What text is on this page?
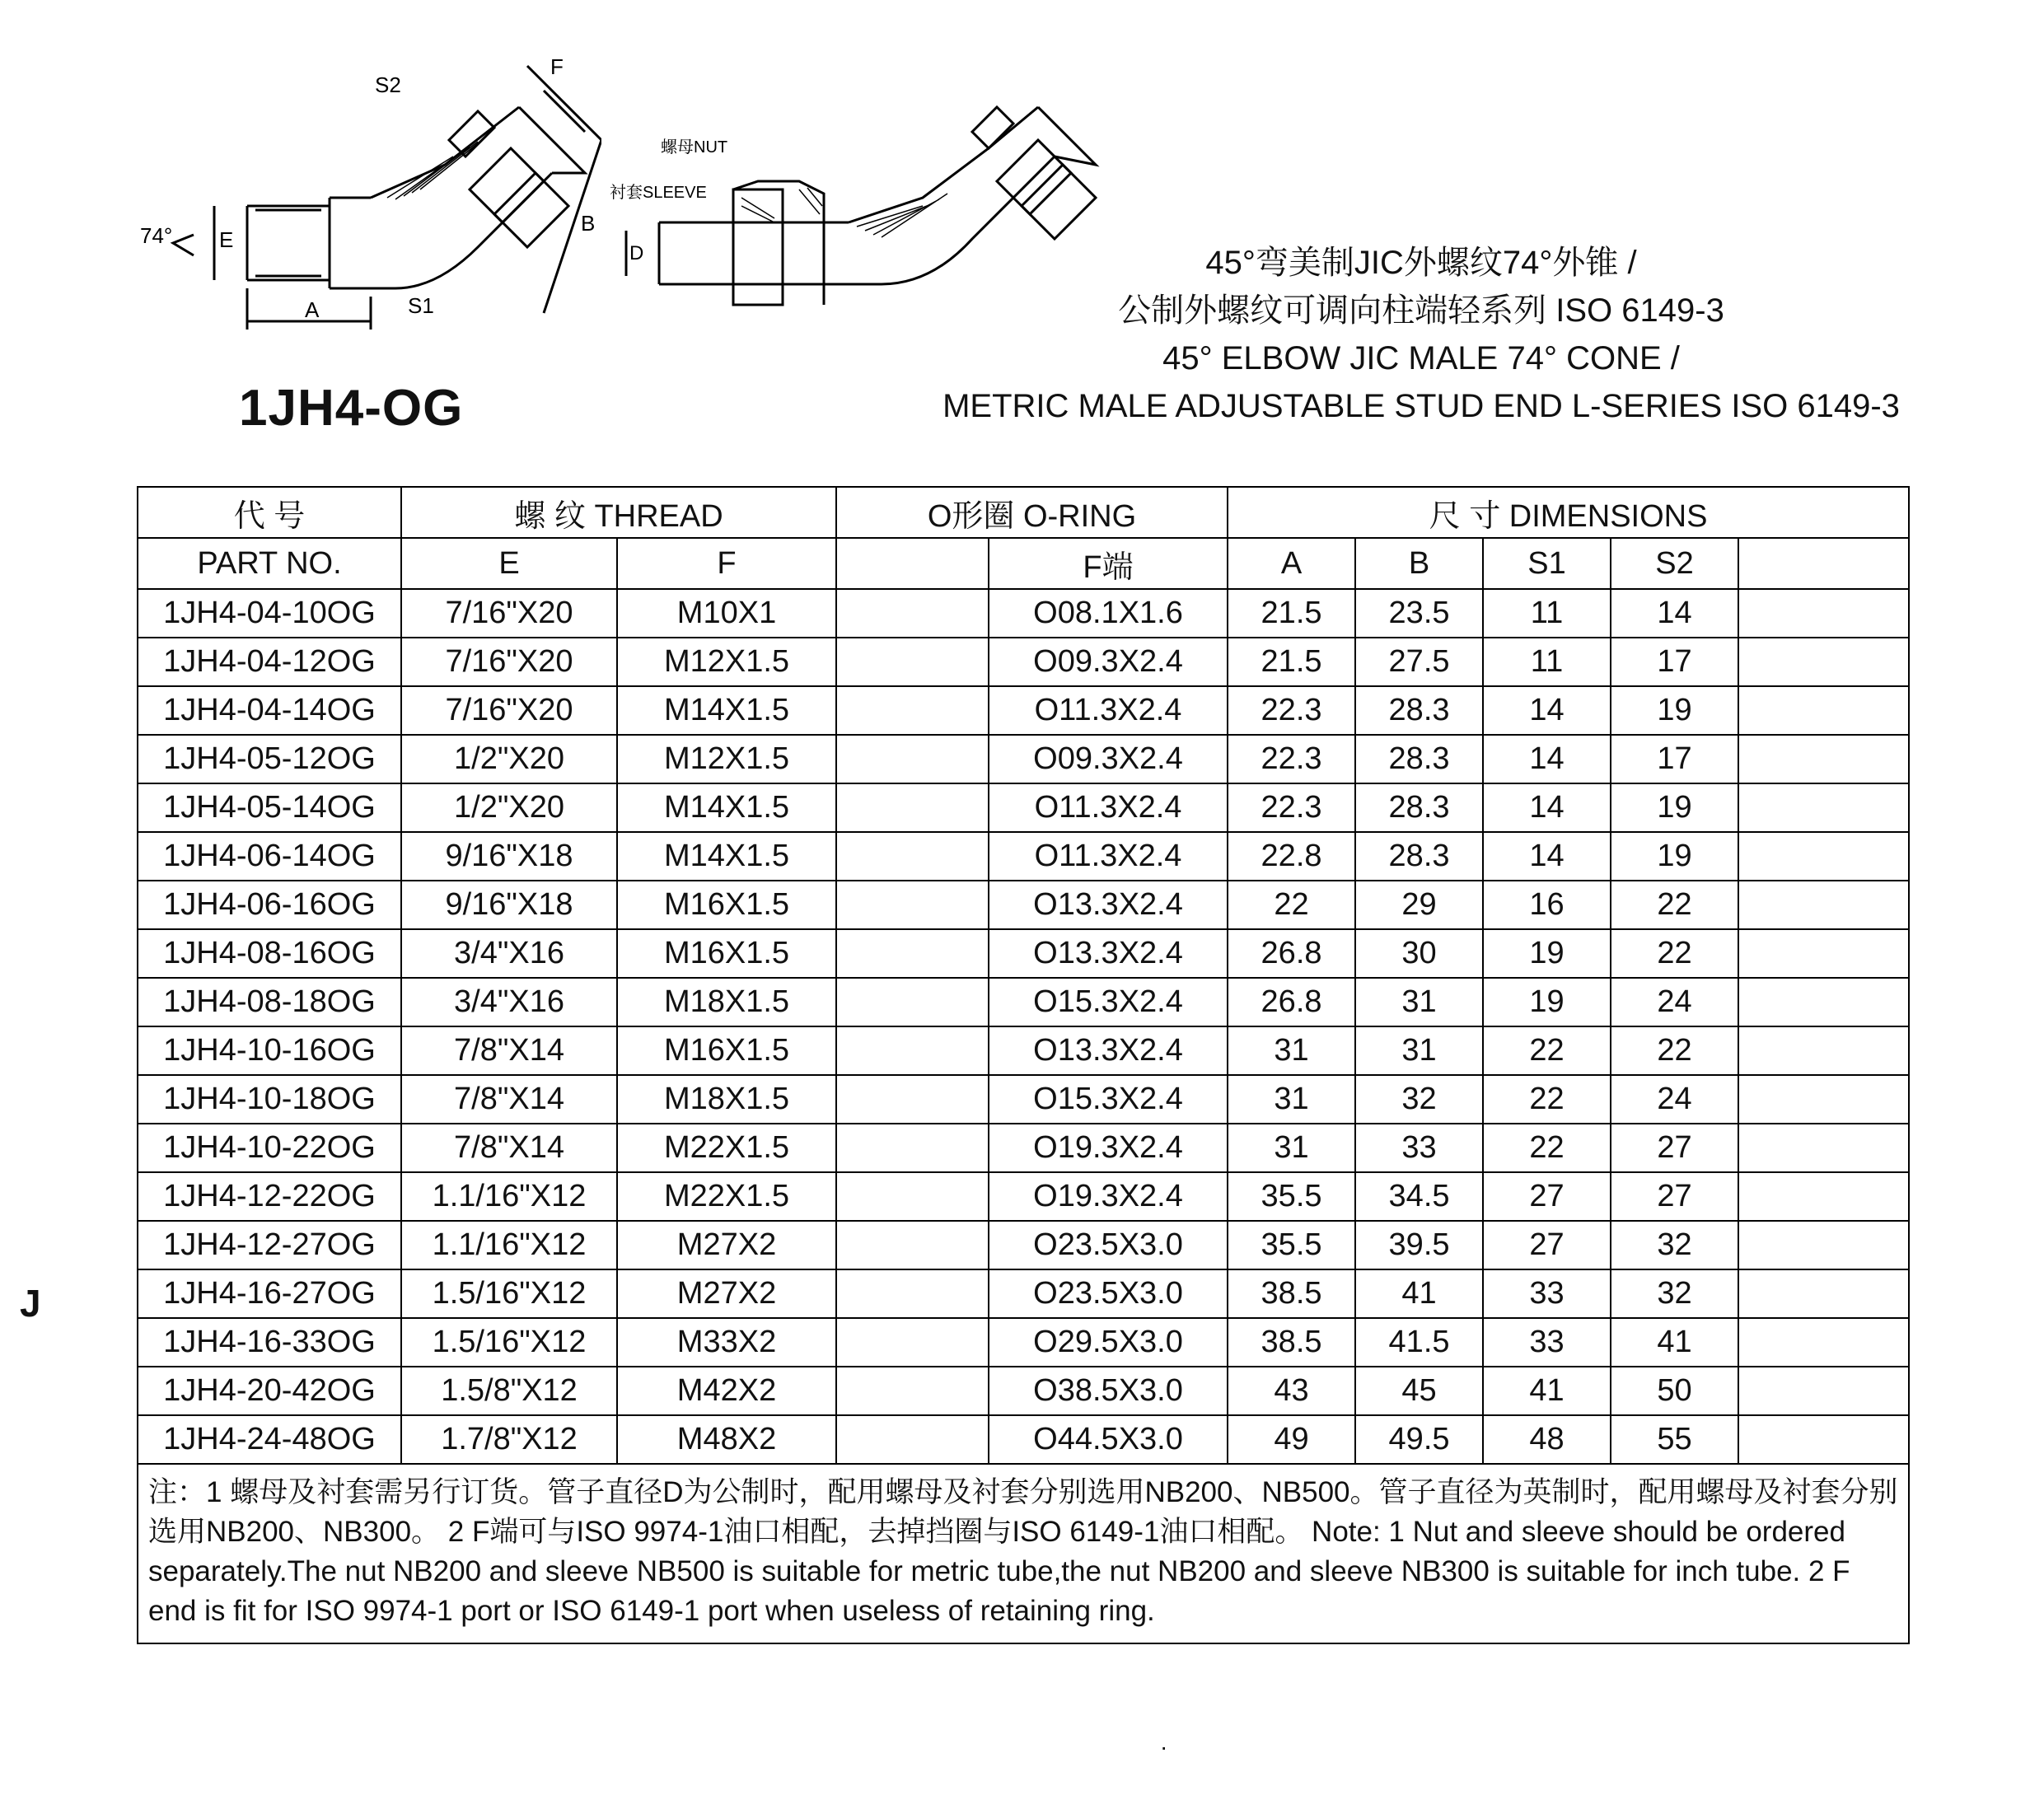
S2
F
74° E
A	S1
B
螺母NUT
衬套SLEEVE
D
1JH4-OG
45°弯美制JIC外螺纹74°外锥 /
公制外螺纹可调向柱端轻系列 ISO 6149-3
45° ELBOW JIC MALE 74° CONE /
METRIC MALE ADJUSTABLE STUD END L-SERIES ISO 6149-3
J
·
代 号	螺 纹 THREAD		O形圈 O-RING		尺 寸 DIMENSIONS				
PART NO.	E	F		F端	A	B	S1	S2	
1JH4-04-10OG	7/16"X20	M10X1		O08.1X1.6	21.5	23.5	11	14	
1JH4-04-12OG	7/16"X20	M12X1.5		O09.3X2.4	21.5	27.5	11	17	
1JH4-04-14OG	7/16"X20	M14X1.5		O11.3X2.4	22.3	28.3	14	19	
1JH4-05-12OG	1/2"X20	M12X1.5		O09.3X2.4	22.3	28.3	14	17	
1JH4-05-14OG	1/2"X20	M14X1.5		O11.3X2.4	22.3	28.3	14	19	
1JH4-06-14OG	9/16"X18	M14X1.5		O11.3X2.4	22.8	28.3	14	19	
1JH4-06-16OG	9/16"X18	M16X1.5		O13.3X2.4	22	29	16	22	
1JH4-08-16OG	3/4"X16	M16X1.5		O13.3X2.4	26.8	30	19	22	
1JH4-08-18OG	3/4"X16	M18X1.5		O15.3X2.4	26.8	31	19	24	
1JH4-10-16OG	7/8"X14	M16X1.5		O13.3X2.4	31	31	22	22	
1JH4-10-18OG	7/8"X14	M18X1.5		O15.3X2.4	31	32	22	24	
1JH4-10-22OG	7/8"X14	M22X1.5		O19.3X2.4	31	33	22	27	
1JH4-12-22OG	1.1/16"X12	M22X1.5		O19.3X2.4	35.5	34.5	27	27	
1JH4-12-27OG	1.1/16"X12	M27X2		O23.5X3.0	35.5	39.5	27	32	
1JH4-16-27OG	1.5/16"X12	M27X2		O23.5X3.0	38.5	41	33	32	
1JH4-16-33OG	1.5/16"X12	M33X2		O29.5X3.0	38.5	41.5	33	41	
1JH4-20-42OG	1.5/8"X12	M42X2		O38.5X3.0	43	45	41	50	
1JH4-24-48OG	1.7/8"X12	M48X2		O44.5X3.0	49	49.5	48	55	
注：1 螺母及衬套需另行订货。管子直径D为公制时，配用螺母及衬套分别选用NB200、NB500。管子直径为英制时，配用螺母及衬套分别选用NB200、NB300。 2 F端可与ISO 9974-1油口相配，去掉挡圈与ISO 6149-1油口相配。 Note: 1 Nut and sleeve should be ordered separately.The nut NB200 and sleeve NB500 is suitable for metric tube,the nut NB200 and sleeve NB300 is suitable for inch tube. 2 F end is fit for ISO 9974-1 port or ISO 6149-1 port when useless of retaining ring.									
